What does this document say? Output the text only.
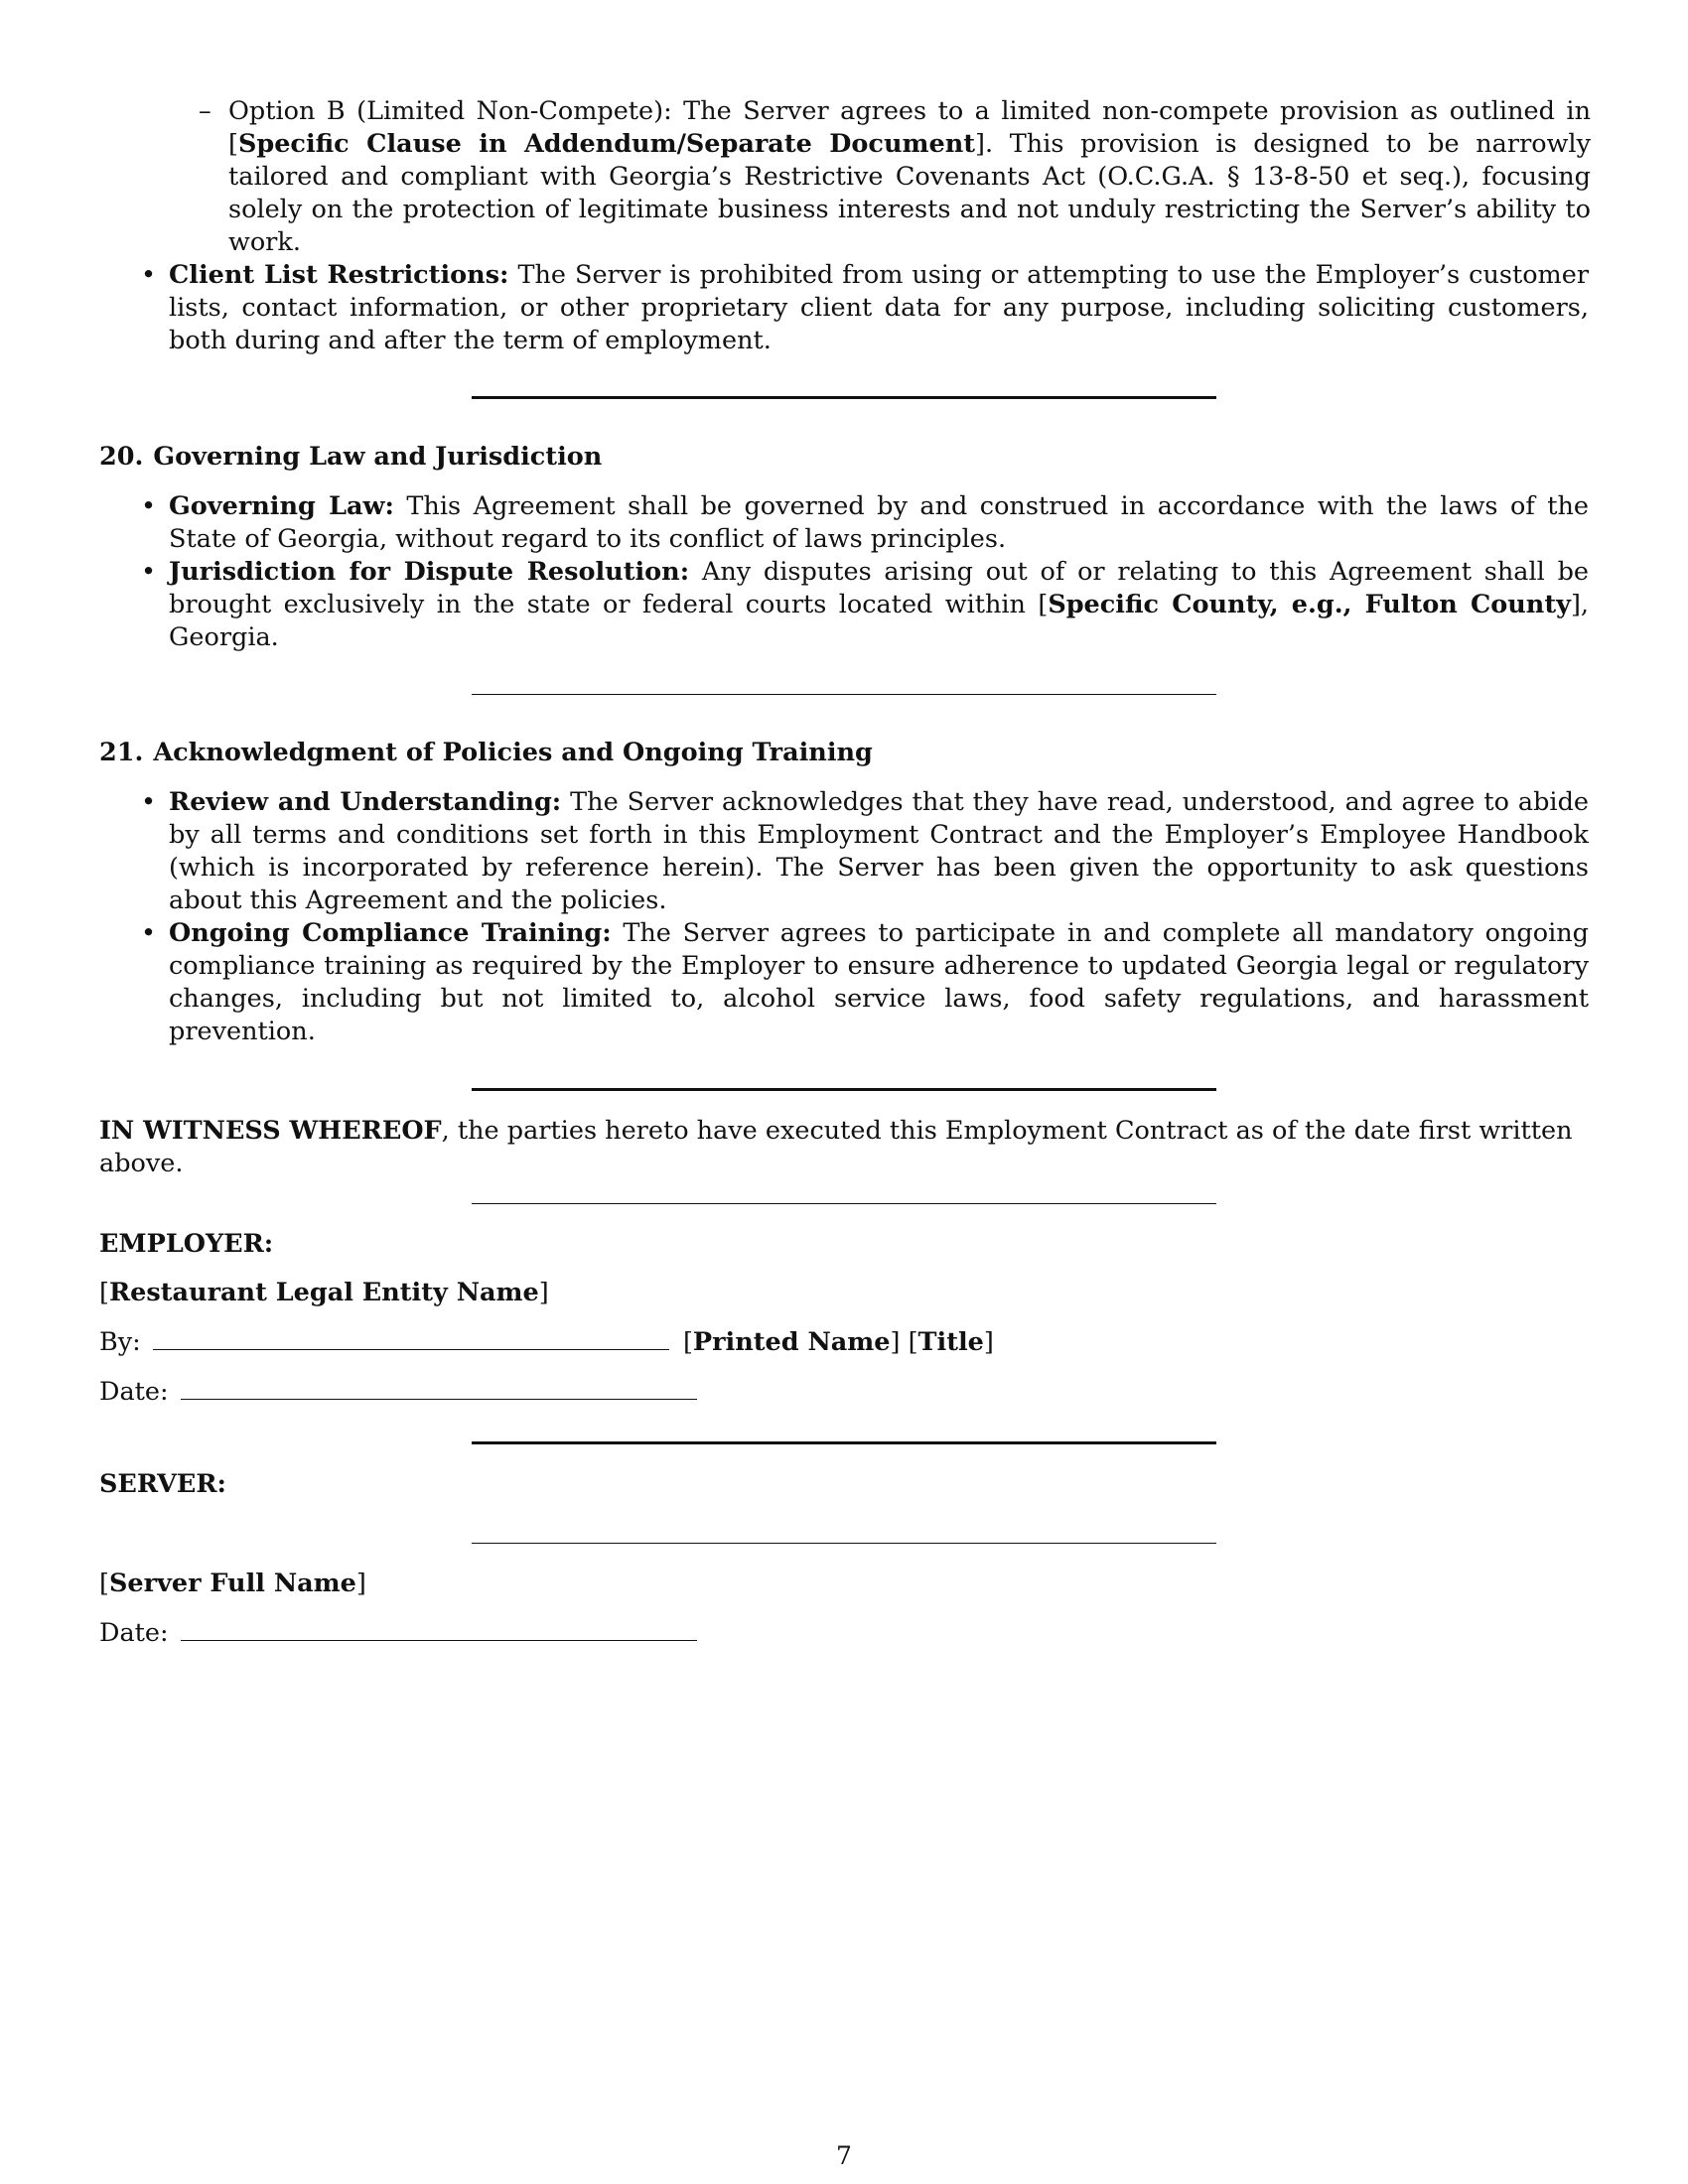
– Option B (Limited Non-Compete): The Server agrees to a limited non-compete provision as outlined in [Specific Clause in Addendum/Separate Document]. This provision is designed to be narrowly tailored and compliant with Georgia’s Restrictive Covenants Act (O.C.G.A. § 13-8-50 et seq.), focusing solely on the protection of legitimate business interests and not unduly restricting the Server’s ability to work.
• Client List Restrictions: The Server is prohibited from using or attempting to use the Employer’s customer lists, contact information, or other proprietary client data for any purpose, including soliciting customers, both during and after the term of employment.
20. Governing Law and Jurisdiction
• Governing Law: This Agreement shall be governed by and construed in accordance with the laws of the State of Georgia, without regard to its conflict of laws principles.
• Jurisdiction for Dispute Resolution: Any disputes arising out of or relating to this Agreement shall be brought exclusively in the state or federal courts located within [Specific County, e.g., Fulton County], Georgia.
21. Acknowledgment of Policies and Ongoing Training
• Review and Understanding: The Server acknowledges that they have read, understood, and agree to abide by all terms and conditions set forth in this Employment Contract and the Employer’s Employee Handbook (which is incorporated by reference herein). The Server has been given the opportunity to ask questions about this Agreement and the policies.
• Ongoing Compliance Training: The Server agrees to participate in and complete all mandatory ongoing compliance training as required by the Employer to ensure adherence to updated Georgia legal or regulatory changes, including but not limited to, alcohol service laws, food safety regulations, and harassment prevention.

IN WITNESS WHEREOF, the parties hereto have executed this Employment Contract as of the date first written above.

EMPLOYER:
[Restaurant Legal Entity Name]
By:	[Printed Name] [Title]
Date:
SERVER:
[Server Full Name]
Date:
7
